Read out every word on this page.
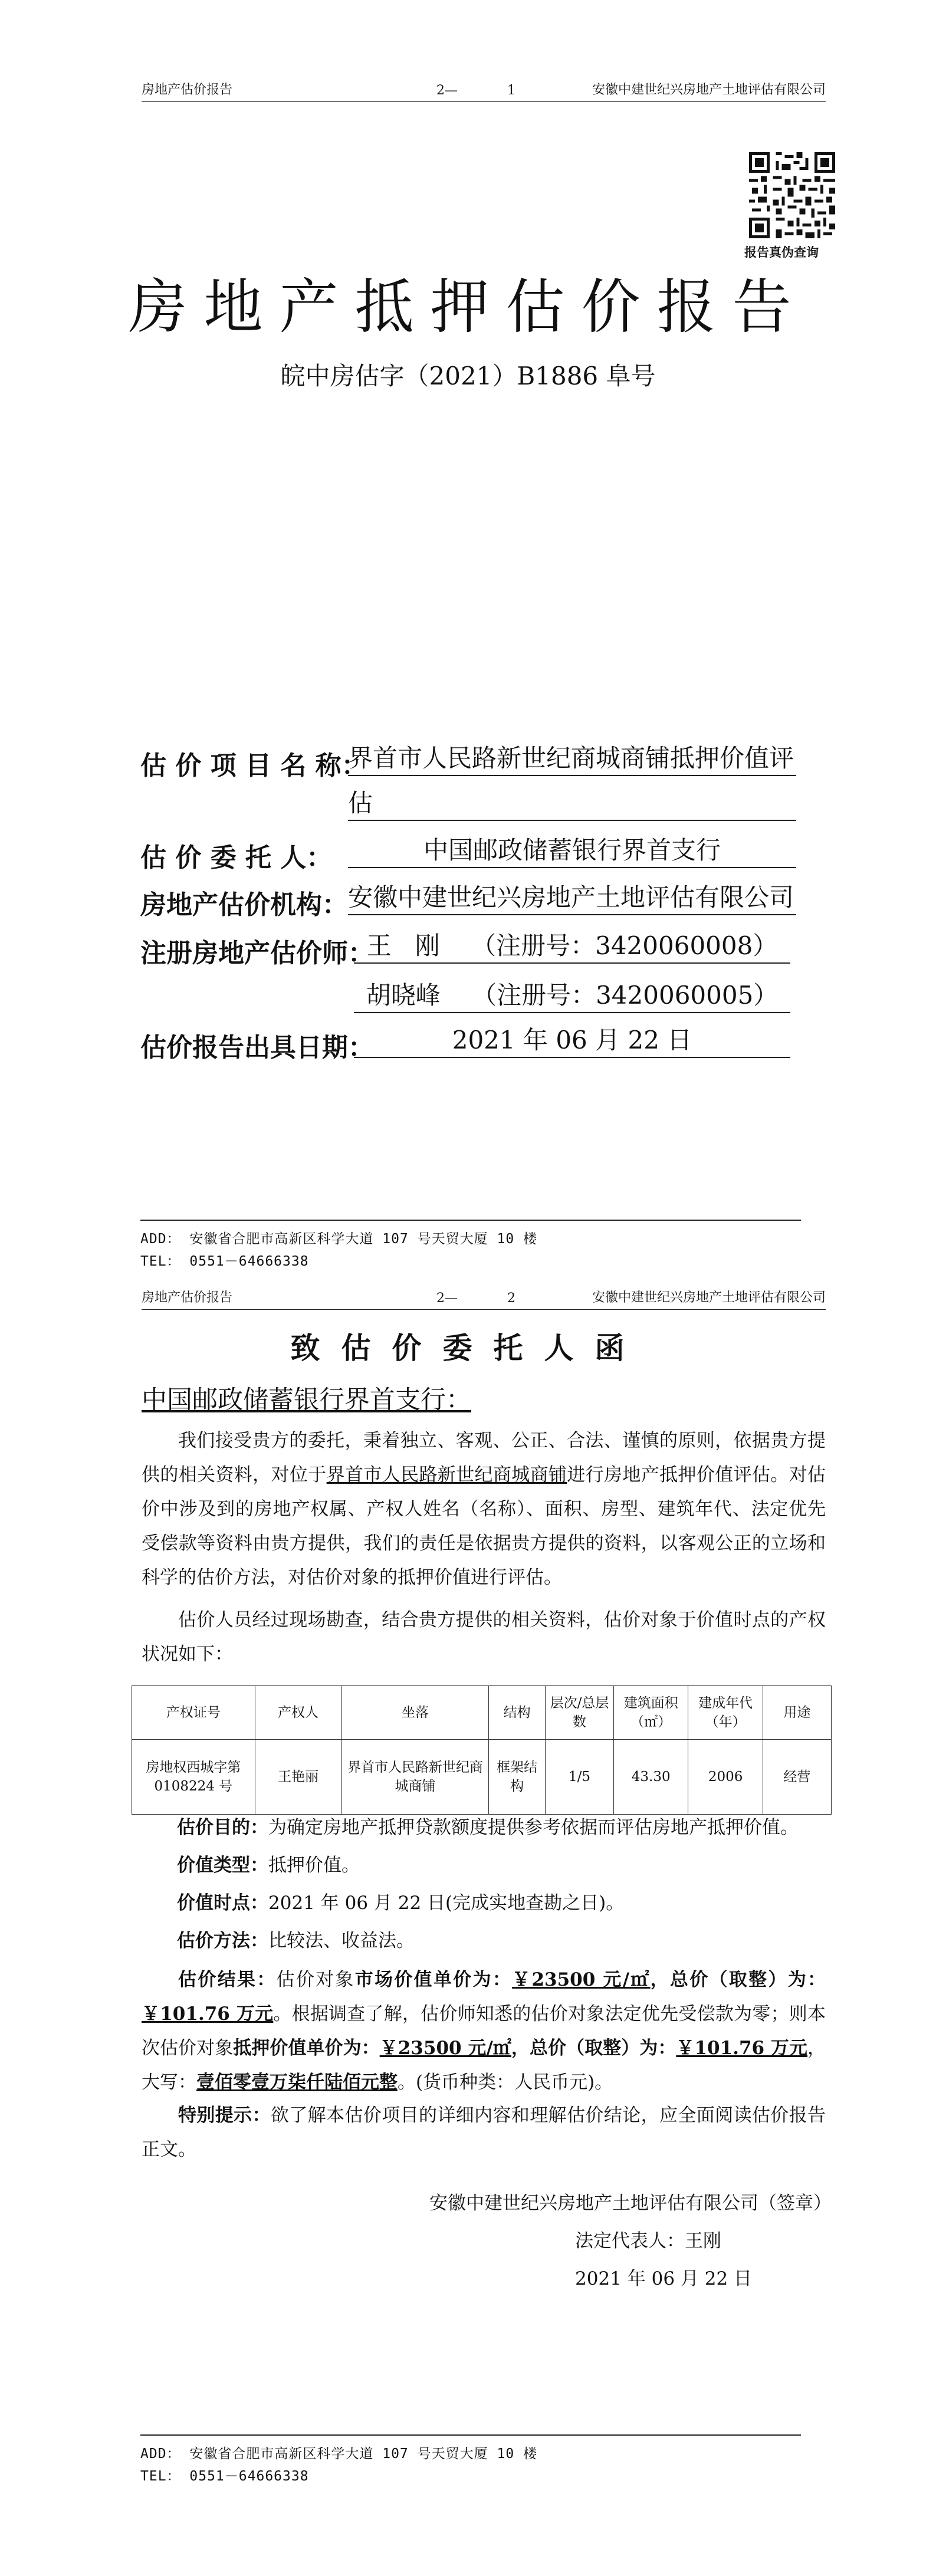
房地产估价报告	2—	1	安徽中建世纪兴房地产土地评估有限公司
报告真伪查询
房地产抵押估价报告
皖中房估字（2021）B1886 阜号
估 价 项 目 名 称：
界首市人民路新世纪商城商铺抵押价值评
估
估 价 委 托 人：	中国邮政储蓄银行界首支行
房地产估价机构： 安徽中建世纪兴房地产土地评估有限公司
注册房地产估价师：
王   刚    （注册号：3420060008）
胡晓峰    （注册号：3420060005）
估价报告出具日期：	2021 年 06 月 22 日
ADD： 安徽省合肥市高新区科学大道 107 号天贸大厦 10 楼
TEL： 0551－64666338
房地产估价报告	2—	2	安徽中建世纪兴房地产土地评估有限公司
致估价委托人函
中国邮政储蓄银行界首支行：
我们接受贵方的委托，秉着独立、客观、公正、合法、谨慎的原则，依据贵方提供的相关资料，对位于界首市人民路新世纪商城商铺进行房地产抵押价值评估。对估价中涉及到的房地产权属、产权人姓名（名称）、面积、房型、建筑年代、法定优先受偿款等资料由贵方提供，我们的责任是依据贵方提供的资料，以客观公正的立场和科学的估价方法，对估价对象的抵押价值进行评估。
估价人员经过现场勘查，结合贵方提供的相关资料，估价对象于价值时点的产权状况如下：
产权证号	产权人	坐落	结构	层次/总层数	建筑面积（㎡）	建成年代（年）	用途
房地权西城字第0108224 号	王艳丽	界首市人民路新世纪商城商铺	框架结构	1/5	43.30	2006	经营
估价目的：为确定房地产抵押贷款额度提供参考依据而评估房地产抵押价值。
价值类型：抵押价值。
价值时点：2021 年 06 月 22 日(完成实地查勘之日)。
估价方法：比较法、收益法。
估价结果：估价对象市场价值单价为：￥23500 元/㎡，总价（取整）为：￥101.76 万元。根据调查了解，估价师知悉的估价对象法定优先受偿款为零；则本次估价对象抵押价值单价为：￥23500 元/㎡，总价（取整）为：￥101.76 万元，大写：壹佰零壹万柒仟陆佰元整。(货币种类：人民币元)。
特别提示：欲了解本估价项目的详细内容和理解估价结论，应全面阅读估价报告正文。
安徽中建世纪兴房地产土地评估有限公司（签章）
法定代表人：王刚
2021 年 06 月 22 日
ADD： 安徽省合肥市高新区科学大道 107 号天贸大厦 10 楼
TEL： 0551－64666338
